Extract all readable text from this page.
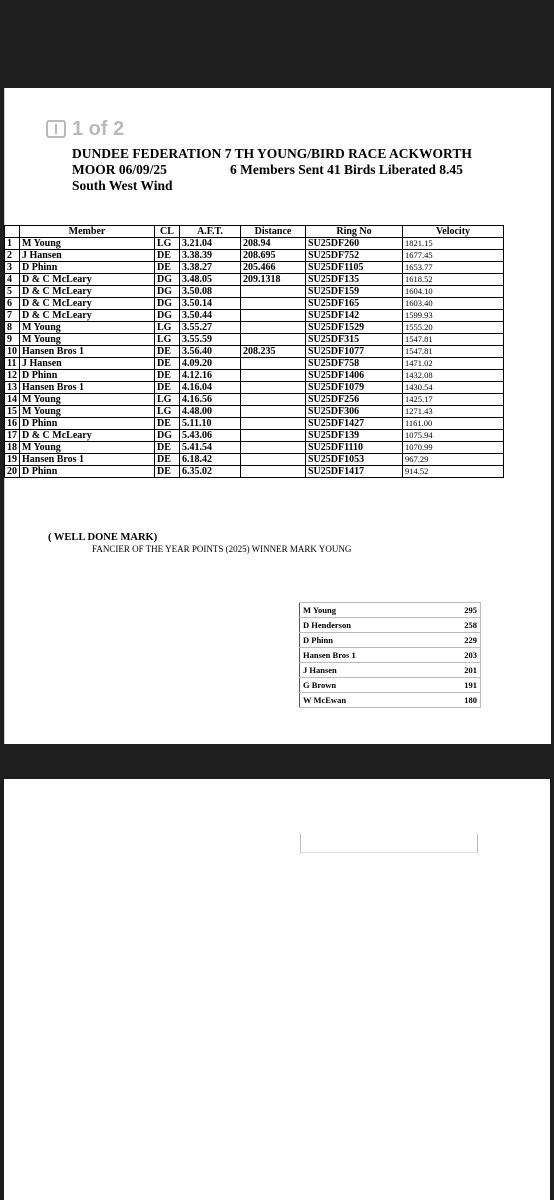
1 of 2
DUNDEE FEDERATION 7 TH YOUNG/BIRD RACE ACKWORTH
MOOR 06/09/25	6 Members Sent 41 Birds Liberated 8.45
South West Wind
	Member	CL	A.F.T.	Distance	Ring No	Velocity
1	M Young	LG	3.21.04	208.94	SU25DF260	1821.15
2	J Hansen	DE	3.38.39	208.695	SU25DF752	1677.45
3	D Phinn	DE	3.38.27	205.466	SU25DF1105	1653.77
4	D & C McLeary	DG	3.48.05	209.1318	SU25DF135	1618.52
5	D & C McLeary	DG	3.50.08		SU25DF159	1604.10
6	D & C McLeary	DG	3.50.14		SU25DF165	1603.40
7	D & C McLeary	DG	3.50.44		SU25DF142	1599.93
8	M Young	LG	3.55.27		SU25DF1529	1555.20
9	M Young	LG	3.55.59		SU25DF315	1547.81
10	Hansen Bros 1	DE	3.56.40	208.235	SU25DF1077	1547.81
11	J Hansen	DE	4.09.20		SU25DF758	1471.02
12	D Phinn	DE	4.12.16		SU25DF1406	1432.08
13	Hansen Bros 1	DE	4.16.04		SU25DF1079	1430.54
14	M Young	LG	4.16.56		SU25DF256	1425.17
15	M Young	LG	4.48.00		SU25DF306	1271.43
16	D Phinn	DE	5.11.10		SU25DF1427	1161.00
17	D & C McLeary	DG	5.43.06		SU25DF139	1075.94
18	M Young	DE	5.41.54		SU25DF1110	1070.99
19	Hansen Bros 1	DE	6.18.42		SU25DF1053	967.29
20	D Phinn	DE	6.35.02		SU25DF1417	914.52
( WELL DONE MARK)
FANCIER OF THE YEAR POINTS (2025) WINNER MARK YOUNG
M Young	295
D Henderson	258
D Phinn	229
Hansen Bros 1	203
J Hansen	201
G Brown	191
W McEwan	180
